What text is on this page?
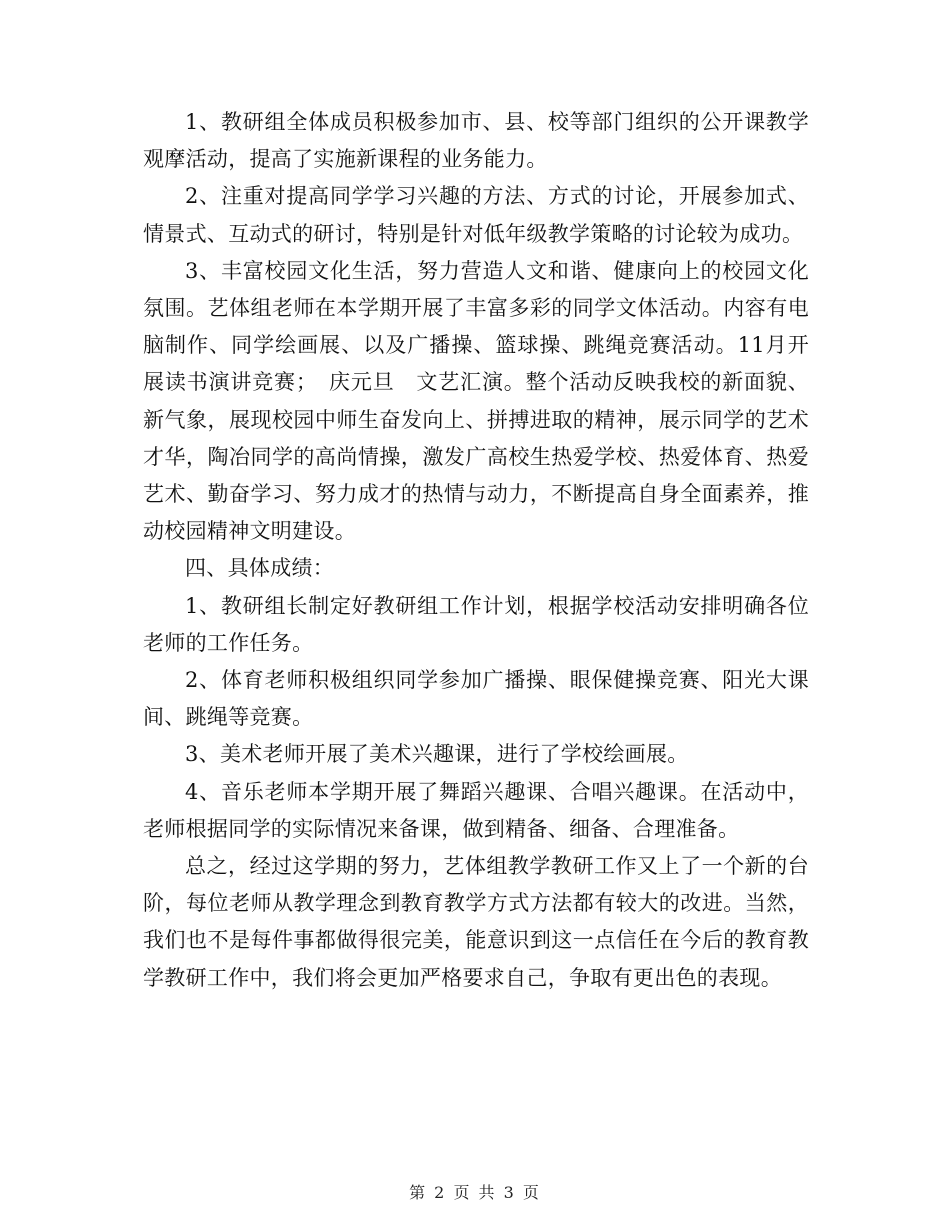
1、教研组全体成员积极参加市、县、校等部门组织的公开课教学观摩活动，提高了实施新课程的业务能力。

2、注重对提高同学学习兴趣的方法、方式的讨论，开展参加式、情景式、互动式的研讨，特别是针对低年级教学策略的讨论较为成功。

3、丰富校园文化生活，努力营造人文和谐、健康向上的校园文化氛围。艺体组老师在本学期开展了丰富多彩的同学文体活动。内容有电脑制作、同学绘画展、以及广播操、篮球操、跳绳竞赛活动。11月开展读书演讲竞赛；　庆元旦　文艺汇演。整个活动反映我校的新面貌、新气象，展现校园中师生奋发向上、拼搏进取的精神，展示同学的艺术才华，陶冶同学的高尚情操，激发广高校生热爱学校、热爱体育、热爱艺术、勤奋学习、努力成才的热情与动力，不断提高自身全面素养，推动校园精神文明建设。

四、具体成绩：

1、教研组长制定好教研组工作计划，根据学校活动安排明确各位老师的工作任务。

2、体育老师积极组织同学参加广播操、眼保健操竞赛、阳光大课间、跳绳等竞赛。

3、美术老师开展了美术兴趣课，进行了学校绘画展。

4、音乐老师本学期开展了舞蹈兴趣课、合唱兴趣课。在活动中，老师根据同学的实际情况来备课，做到精备、细备、合理准备。

总之，经过这学期的努力，艺体组教学教研工作又上了一个新的台阶，每位老师从教学理念到教育教学方式方法都有较大的改进。当然，我们也不是每件事都做得很完美，能意识到这一点信任在今后的教育教学教研工作中，我们将会更加严格要求自己，争取有更出色的表现。

第 2 页 共 3 页
